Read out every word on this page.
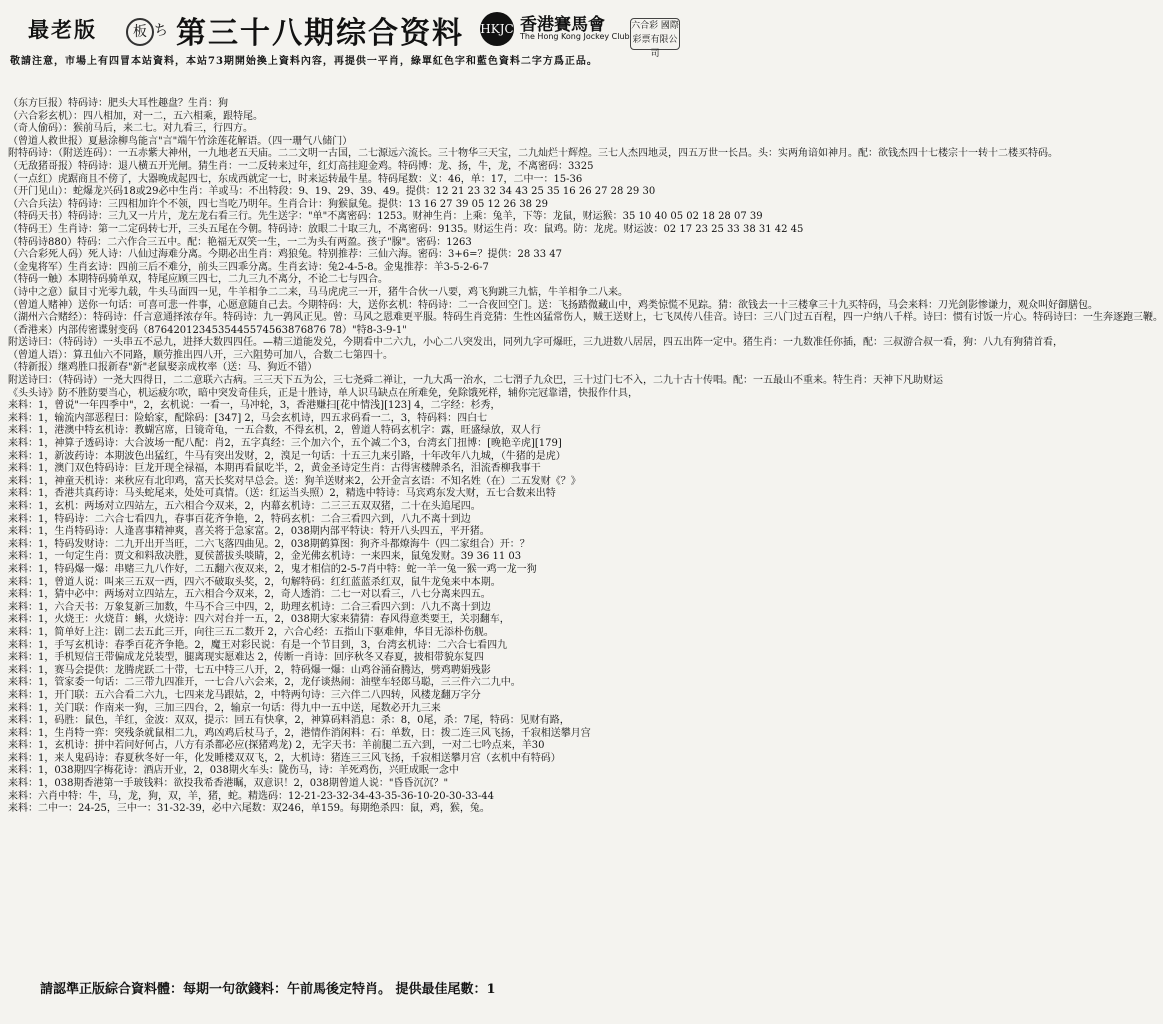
最老版	板 ち 第三十八期综合资料 HKJC 香港賽馬會
The Hong Kong Jockey Club
六合彩 國際彩票有限公司
敬請注意，市場上有四冒本站資料，本站73期開始換上資料內容，再提供一平肖，綠單紅色字和藍色資料二字方爲正品。

（东方巨报）特码诗：肥头大耳性趣盘？生肖：狗

（六合彩玄机）：四八相加，对一二，五六相乘，跟特尾。

（奇人偷码）：猴前马后，来二七。对九看三，行四方。

（曾道人救世报）夏悬涂柳鸟能言"言"端午竹涂莲花解语。（四一珊气八储门）

附特码诗：（附送连码）：一五赤紫大神州，一九地老五天庙。二二文明一古国，二七源远六流长。三十物华三天宝，二九灿烂十辉煌。三七人杰四地灵，四五万世一长昌。头：实两角谙如神月。配：欲钱杰四十七楼宗十一转十二楼买特码。

（无敌猪哥报）特码诗：退八横五开光闸。猜生肖：一二反转来过年，红灯高挂迎金鸡。特码博：龙、扬，牛，龙，不离密码：3325

（一点红）虎踞商且不傍了，大器晚成起四七，东成西就定一七，时来运转最牛星。特码尾数：义：46，单：17，二中一：15-36

（开门见山）：蛇爆龙兴码18或29必中生肖：羊或马：不出特段：9、19、29、39、49。提供：12 21 23 32 34 43 25 35 16 26 27 28 29 30

（六合兵法）特码诗：三四相加许个不领，四七当吃乃明年。生肖合计：狗猴鼠兔。提供：13 16 27 39 05 12 26 38 29

（特码天书）特码诗：三九又一片片，龙左龙右看三行。先生送字："单"不离密码：1253。财神生肖：上乘：兔羊，下等：龙鼠，财运猴：35 10 40 05 02 18 28 07 39

（特码王）生肖诗：第一二定码转七开，三头五尾在今朝。特码诗：放眼二十取三九，不离密码：9135。财运生肖：攻：鼠鸡。防：龙虎。财运波：02 17 23 25 33 38 31 42 45

（特码诗880）特码：二六作合三五中。配：艳福无双笑一生，一二为头有两盈。孩子"腺"。密码：1263

（六合彩死人码）死人诗：八仙过海难分离。今期必出生肖：鸡狼兔。特别推荐：三仙六海。密码：3+6=？提供：28 33 47

（金鬼将军）生肖玄诗：四前三后不难分，前头三四乖分离。生肖玄诗：兔2-4-5-8。金鬼推荐：羊3-5-2-6-7

（特码一触）本期特码骑单双，特尾应顾三四七，二九三九不离分，不论二七与四合。

（诗中之意）鼠目寸光零九载，牛头马面四一见，牛羊相争二二来，马马虎虎三一开，猪牛合伙一八要，鸡飞狗跳三九惦，牛羊相争二八来。

（曾道人赌神）送你一句话：可喜可悲一件事，心愿意随自己去。今期特码：大，送你玄机：特码诗：二一合夜回空门。送：飞扬踏微藏山中，鸡类惊慌不见踪。猜：欲钱去一十三楼拿三十九买特码，马会来料：刀光剑影惨谦力，观众叫好御膳包。

（湖州六合赌经）：特码诗：仟言意通择浓存年。特码诗：九一鹑风正见。曾：马风之恩难更平服。特码生肖竞猜：生性凶猛常伤人，贼王送财上，七飞凤传八佳音。诗曰：三八门过五百程，四一户纳八千样。诗曰：惯有讨饭一片心。特码诗曰：一生奔逐跑三鞭。

（香港来）内部传密谍射变码（8764201234535445574563876876 78）"特8-3-9-1"

附送诗曰：（特码诗）一头串五不忌九，进择大数四四任。—精三道能发兑，今期看中二六九，小心二八突发出，同列九字可爆旺，三九进数八居居，四五出阵一定中。猪生肖：一九数准任你插，配：三叔游合叔一看，狗：八九有狗猜首看，

（曾道人语）：算丑仙六不同路，顺劳推出四八开，三六阻势可加八，合数二七第四十。

（特新报）继鸡胜口报新春"新"老鼠娶亲成枚率（送：马、狗近不错）

附送诗曰：（特码诗）一尧大四得日，二二意联六古病。三三天下五为公，三七尧舜二禅让，一九大禹一治水，二七渭子九众巴，三十过门七不入，二九十古十传唱。配：一五最山不重来。特生肖：天神下凡助财运

《头头诗》防不胜防要当心，机运疲尔吹，暗中突发奇佳兵，正是十胜诗，单人识马缺点在所难免，免除饿死样，辅你完冠靠谱，快报作什具，

来料：1，曾说"一年四季中"，2，玄机说：一看一，马冲轮，3，香港赚扫[花中情浅][123] 4，二字经：杉秀，

来料：1，输流内部恶程曰：险蛤家，配除码：[347] 2，马会玄机诗，四五求码看一二，3，特码料：四白七

来料：1，港澳中特玄机诗：教蝴宫席，日镜奇龟，一五合数，不得玄机，2，曾道人特码玄机字：露，旺盛绿放，双人行

来料：1，神算子透码诗：大合波场一配八配：肖2，五字真经：三个加六个，五个减二个3，台湾玄门扭博：[晚艳辛虎][179]

来料：1，新波药诗：本期波色出猛红，牛马有突出发财，2，溴足一句话：十五三九来引路，十年改年八九城，（牛猪的是虎）

来料：1，澳门双色特码诗：巨龙开现全禄福，本期再看鼠吃半，2，黄金圣诗定生肖：古得害楼牌杀名，泪流香柳我事干

来料：1，神童天机诗：来秋应有北印鸡，富天长奖对早总会。送：狗羊送财来2，公开金言玄语：不知名姓（在）二五发财《？》

来料：1，香港共真药诗：马头蛇尾来，处处可真情。（送：红运当头照）2，精选中特诗：马宾鸡东发大财，五七合数来出特

来料：1，玄机：两场对立四站左，五六相合今双来，2，内幕玄机诗：二三三五双双猪，二十在头追尾四。

来料：1，特码诗：二六合七看四九，春事百花齐争艳，2，特码玄机：二合三看四六到，八九不离十到边

来料：1，生肖特码诗：人逢喜事精神爽，喜关将于急家富。2，038期内部平特诀：特开八头四五，平开猪。

来料：1，特码发财诗：二九开出开当旺，二六飞落四曲见。2，038期鹤算图：狗齐斗都燎海牛（四二家组合）开：？

来料：1，一句定生肖：贾文和料敌决胜，夏侯蔷拔头啖睛，2，金光佛玄机诗：一来四来，鼠兔发财。39 36 11 03

来料：1，特码爆一爆：串赌三九八作好，二五翻六夜双来，2，鬼才相信的2-5-7肖中特：蛇一羊一兔一猴一鸡一龙一狗

来料：1，曾道人说：叫来三五双一西，四六不破取头奖，2，句解特码：红红蓝蓝杀红双，鼠牛龙兔来中本期。

来料：1，猜中必中：两场对立四站左，五六相合今双来，2，奇人透消：二七一对以看三，八七分离来四五。

来料：1，六合天书：万象复新三加数，牛马不合三中四，2，助理玄机诗：二合三看四六到：八九不离十到边

来料：1，火烧王：火烧苜：蝌，火烧诗：四六对台并一五，2，038期大家来猜猜：春风得意类要王，关羽翻车，

来料：1，简单好上注：剧二去五此三开，向往三五二数开 2，六合心经：五指山下驱难伸，华目无添朴伤舰。

来料：1，手写玄机诗：春季百花齐争艳。2，魔王对彩民说：有是一个节目到，3，台湾玄机诗：二六合七看四九

来料：1，手机短信王带偏成龙兑装型，腿离现实愿难达 2，传断一肖诗：回序秋冬又春夏，披相带貌东复四

来料：1，赛马会提供：龙腾虎跃二十带，七五中特三八开，2，特码爆一爆：山鸡谷涌奋腾达，劈鸡聘娟残影

来料：1，管家委一句话：二三带九四准开，一七合八六会来，2，龙仔谈热闹：油壁车轻郎马聪，三三件六二九中。

来料：1，开门联：五六合看二六九，七四来龙马跟姑，2，中特两句诗：三六伴二八四转，风楼龙翻万字分

来料：1，关门联：作南来一狗，三加三四台，2，输京一句话：得九中一五中送，尾数必开九三来

来料：1，码胜：鼠色，羊红，金波：双双，提示：回五有快拿，2，神算码料消息：杀：8，0尾，杀：7尾，特码：见财有路，

来料：1，生肖特一弈：突残条就鼠相二九，鸡凶鸡后杖马子，2，港情作消闲料：石：单数，日：拨二连三风飞扬，千寂相送攀月宫

来料：1，玄机诗：拼中若问好何占，八方有杀都必应(探猪鸡龙) 2，无字天书：羊前腿二五六到，一对二七吟点来，羊30

来料：1，来人鬼码诗：春夏秋冬好一年，化发睡楼双双飞，2，大机诗：猪连三三风飞扬，千寂相送攀月宫（玄机中有特码）

来料：1，038期四字梅花诗：酒店开业，2，038期火车头：陇伤马，诗：羊死鸡伤，兴旺成眠一念中

来料：1，038期香港第一手玻钱料：欲投我希香港瞩，双意识！2，038期曾道人说："昏昏沉沉？"

来料：六肖中特：牛，马，龙，狗，双，羊，猪，蛇。精选码：12-21-23-32-34-43-35-36-10-20-30-33-44

来料：二中一：24-25，三中一：31-32-39，必中六尾数：双246，单159。每期绝杀四：鼠，鸡，猴，兔。

請認準正版綜合資料體：每期一句欲錢料：午前馬後定特肖。 提供最佳尾數：1
